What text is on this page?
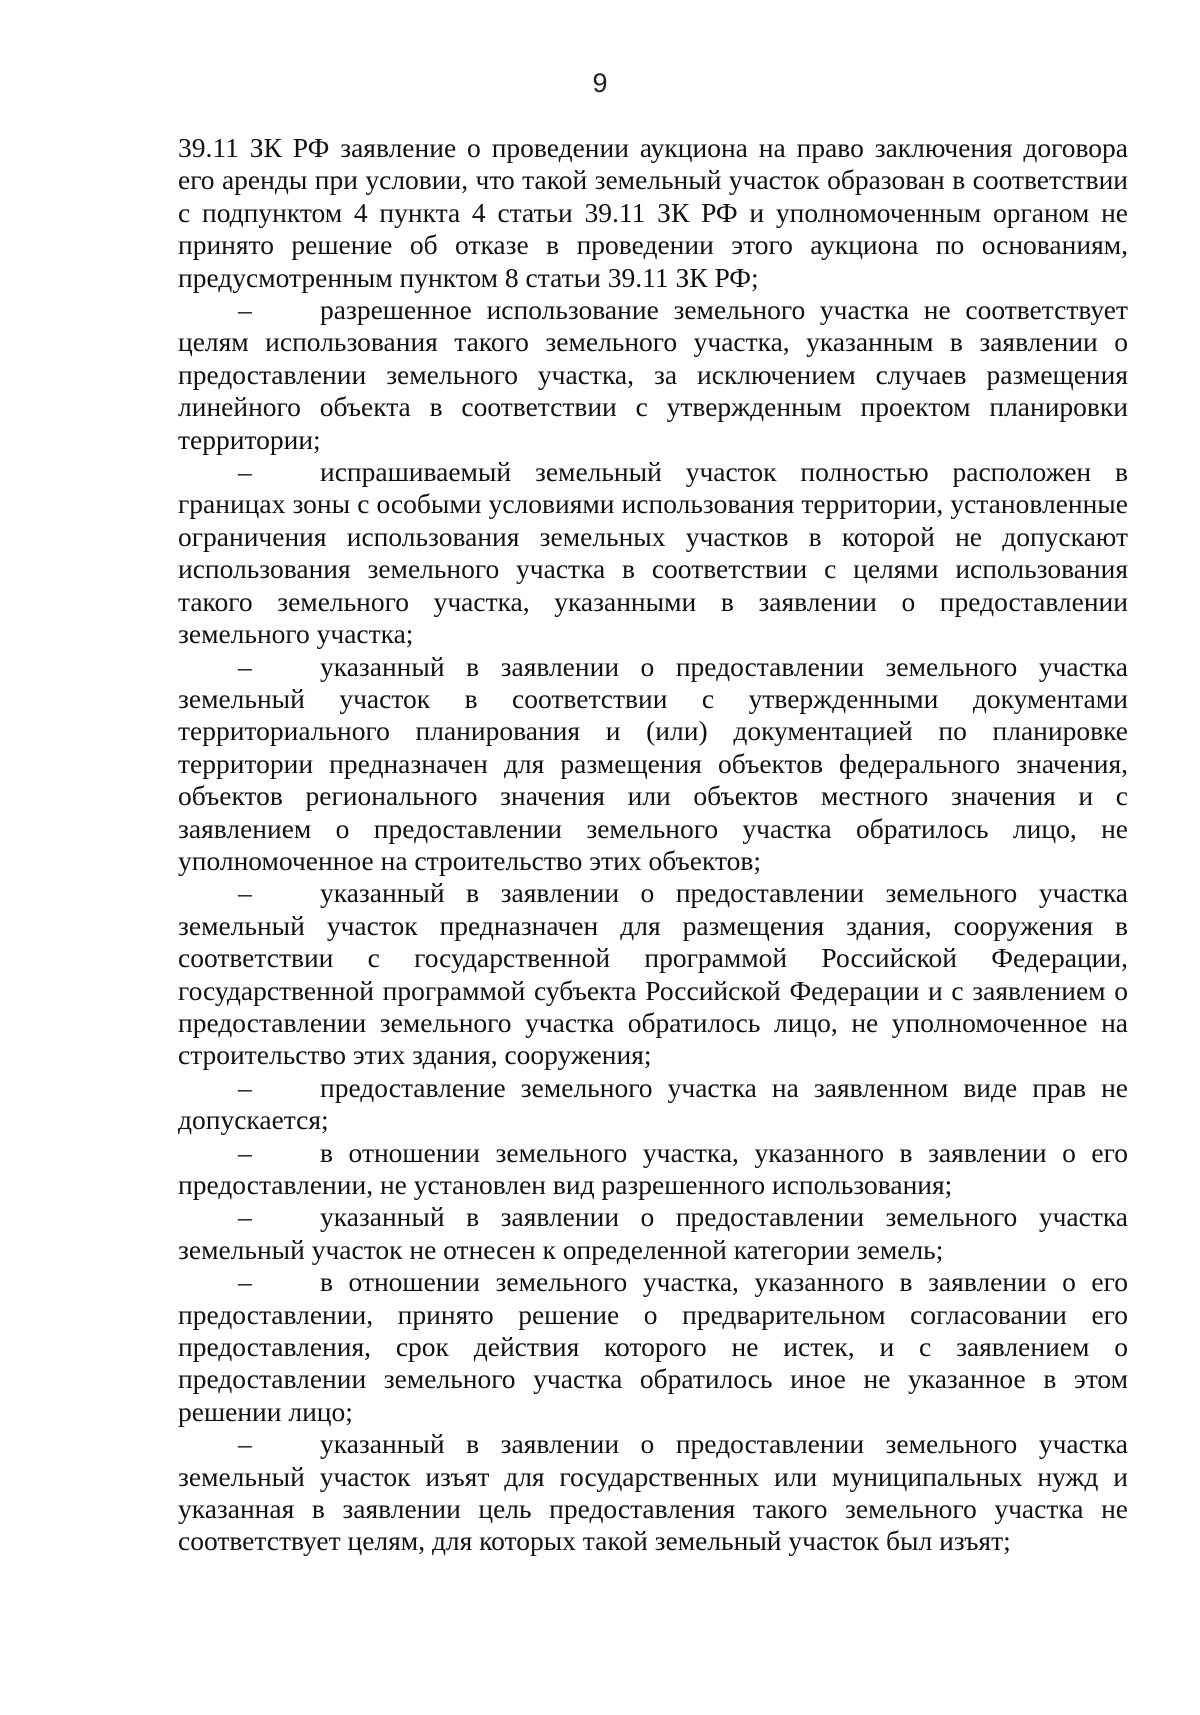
9

39.11 ЗК РФ заявление о проведении аукциона на право заключения договора его аренды при условии, что такой земельный участок образован в соответствии с подпунктом 4 пункта 4 статьи 39.11 ЗК РФ и уполномоченным органом не принято решение об отказе в проведении этого аукциона по основаниям, предусмотренным пунктом 8 статьи 39.11 ЗК РФ;

– разрешенное использование земельного участка не соответствует целям использования такого земельного участка, указанным в заявлении о предоставлении земельного участка, за исключением случаев размещения линейного объекта в соответствии с утвержденным проектом планировки территории;

– испрашиваемый земельный участок полностью расположен в границах зоны с особыми условиями использования территории, установленные ограничения использования земельных участков в которой не допускают использования земельного участка в соответствии с целями использования такого земельного участка, указанными в заявлении о предоставлении земельного участка;

– указанный в заявлении о предоставлении земельного участка земельный участок в соответствии с утвержденными документами территориального планирования и (или) документацией по планировке территории предназначен для размещения объектов федерального значения, объектов регионального значения или объектов местного значения и с заявлением о предоставлении земельного участка обратилось лицо, не уполномоченное на строительство этих объектов;

– указанный в заявлении о предоставлении земельного участка земельный участок предназначен для размещения здания, сооружения в соответствии с государственной программой Российской Федерации, государственной программой субъекта Российской Федерации и с заявлением о предоставлении земельного участка обратилось лицо, не уполномоченное на строительство этих здания, сооружения;

– предоставление земельного участка на заявленном виде прав не допускается;

– в отношении земельного участка, указанного в заявлении о его предоставлении, не установлен вид разрешенного использования;

– указанный в заявлении о предоставлении земельного участка земельный участок не отнесен к определенной категории земель;

– в отношении земельного участка, указанного в заявлении о его предоставлении, принято решение о предварительном согласовании его предоставления, срок действия которого не истек, и с заявлением о предоставлении земельного участка обратилось иное не указанное в этом решении лицо;

– указанный в заявлении о предоставлении земельного участка земельный участок изъят для государственных или муниципальных нужд и указанная в заявлении цель предоставления такого земельного участка не соответствует целям, для которых такой земельный участок был изъят;
